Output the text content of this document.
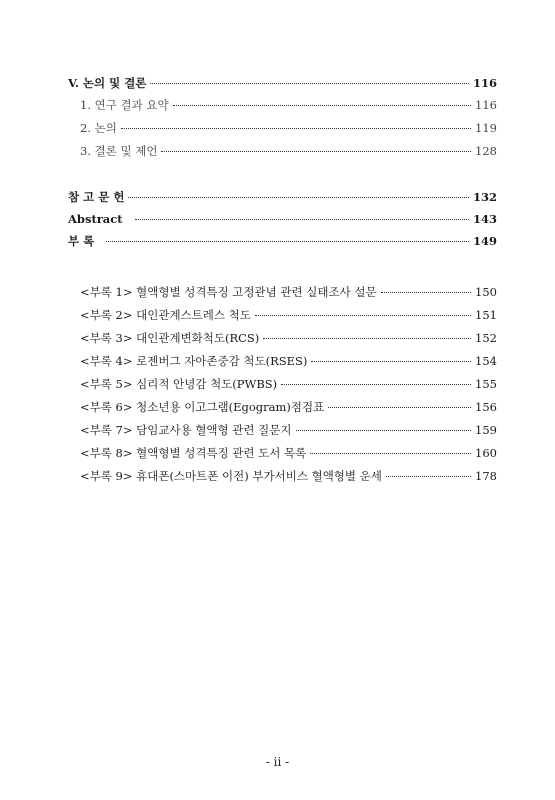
V. 논의 및 결론	116
1. 연구 결과 요약	116
2. 논의	119
3. 결론 및 제언	128
참 고 문 헌	132
Abstract	143
부 록	149
<부록 1> 혈액형별 성격특징 고정관념 관련 실태조사 설문	150
<부록 2> 대인관계스트레스 척도	151
<부록 3> 대인관계변화척도(RCS)	152
<부록 4> 로젠버그 자아존중감 척도(RSES)	154
<부록 5> 심리적 안녕감 척도(PWBS)	155
<부록 6> 청소년용 이고그램(Egogram)점검표	156
<부록 7> 담임교사용 혈액형 관련 질문지	159
<부록 8> 혈액형별 성격특징 관련 도서 목록	160
<부록 9> 휴대폰(스마트폰 이전) 부가서비스 혈액형별 운세	178
- ii -
